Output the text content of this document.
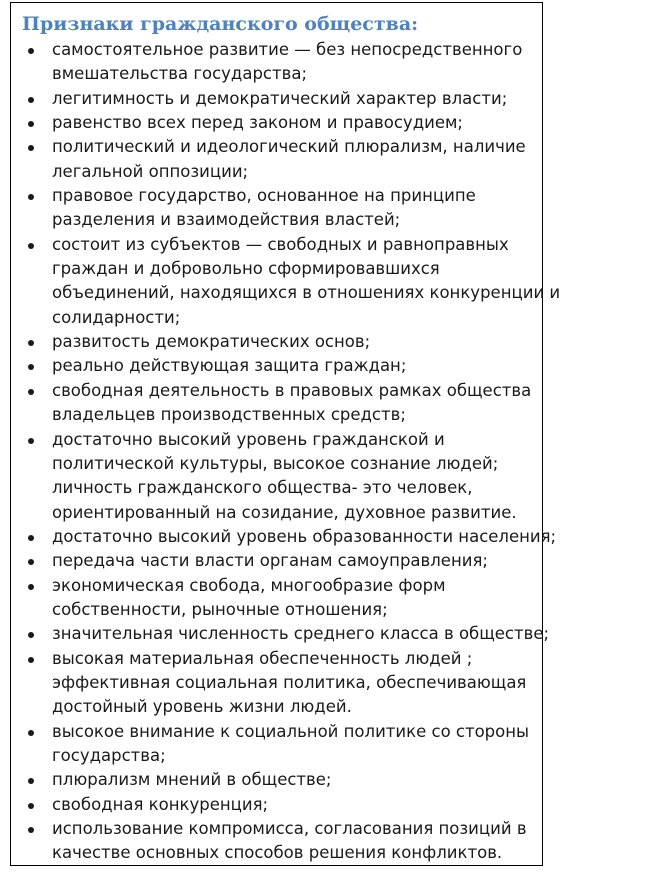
Признаки гражданского общества:
самостоятельное развитие — без непосредственного
вмешательства государства;
легитимность и демократический характер власти;
равенство всех перед законом и правосудием;
политический и идеологический плюрализм, наличие
легальной оппозиции;
правовое государство, основанное на принципе
разделения и взаимодействия властей;
состоит из субъектов — свободных и равноправных
граждан и добровольно сформировавшихся
объединений, находящихся в отношениях конкуренции и
солидарности;
развитость демократических основ;
реально действующая защита граждан;
свободная деятельность в правовых рамках общества
владельцев производственных средств;
достаточно высокий уровень гражданской и
политической культуры, высокое сознание людей;
личность гражданского общества- это человек,
ориентированный на созидание, духовное развитие.
достаточно высокий уровень образованности населения;
передача части власти органам самоуправления;
экономическая свобода, многообразие форм
собственности, рыночные отношения;
значительная численность среднего класса в обществе;
высокая материальная обеспеченность людей ;
эффективная социальная политика, обеспечивающая
достойный уровень жизни людей.
высокое внимание к социальной политике со стороны
государства;
плюрализм мнений в обществе;
свободная конкуренция;
использование компромисса, согласования позиций в
качестве основных способов решения конфликтов.
